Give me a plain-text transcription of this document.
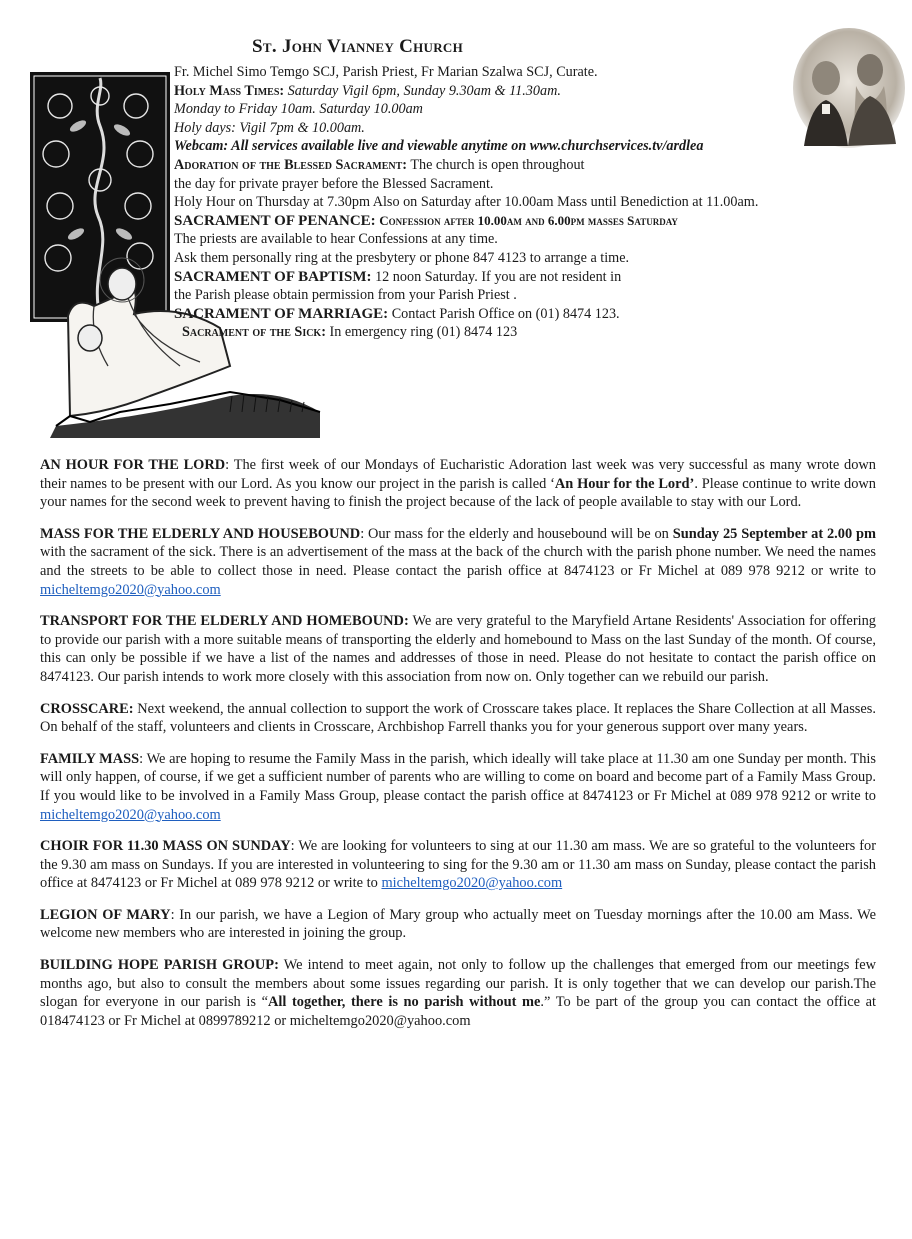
St. John Vianney Church
Fr. Michel Simo Temgo SCJ, Parish Priest, Fr Marian Szalwa SCJ, Curate.
Holy Mass Times: Saturday Vigil 6pm, Sunday 9.30am & 11.30am.
Monday to Friday 10am. Saturday 10.00am
Holy days: Vigil 7pm & 10.00am.
Webcam: All services available live and viewable anytime on www.churchservices.tv/ardlea
Adoration of the Blessed Sacrament: The church is open throughout
the day for private prayer before the Blessed Sacrament.
Holy Hour on Thursday at 7.30pm Also on Saturday after 10.00am Mass until Benediction at 11.00am.
SACRAMENT OF PENANCE: Confession after 10.00am and 6.00pm masses Saturday
The priests are available to hear Confessions at any time.
Ask them personally ring at the presbytery or phone 847 4123 to arrange a time.
SACRAMENT OF BAPTISM: 12 noon Saturday. If you are not resident in
the Parish please obtain permission from your Parish Priest .
SACRAMENT OF MARRIAGE: Contact Parish Office on (01) 8474 123.
Sacrament of the Sick: In emergency ring (01) 8474 123

AN HOUR FOR THE LORD: The first week of our Mondays of Eucharistic Adoration last week was very successful as many wrote down their names to be present with our Lord. As you know our project in the parish is called ‘An Hour for the Lord’. Please continue to write down your names for the second week to prevent having to finish the project because of the lack of people available to stay with our Lord.

MASS FOR THE ELDERLY AND HOUSEBOUND: Our mass for the elderly and housebound will be on Sunday 25 September at 2.00 pm with the sacrament of the sick. There is an advertisement of the mass at the back of the church with the parish phone number. We need the names and the streets to be able to collect those in need. Please contact the parish office at 8474123 or Fr Michel at 089 978 9212 or write to micheltemgo2020@yahoo.com

TRANSPORT FOR THE ELDERLY AND HOMEBOUND: We are very grateful to the Maryfield Artane Residents' Association for offering to provide our parish with a more suitable means of transporting the elderly and homebound to Mass on the last Sunday of the month. Of course, this can only be possible if we have a list of the names and addresses of those in need. Please do not hesitate to contact the parish office on 8474123. Our parish intends to work more closely with this association from now on. Only together can we rebuild our parish.

CROSSCARE: Next weekend, the annual collection to support the work of Crosscare takes place. It replaces the Share Collection at all Masses. On behalf of the staff, volunteers and clients in Crosscare, Archbishop Farrell thanks you for your generous support over many years.

FAMILY MASS: We are hoping to resume the Family Mass in the parish, which ideally will take place at 11.30 am one Sunday per month. This will only happen, of course, if we get a sufficient number of parents who are willing to come on board and become part of a Family Mass Group. If you would like to be involved in a Family Mass Group, please contact the parish office at 8474123 or Fr Michel at 089 978 9212 or write to micheltemgo2020@yahoo.com

CHOIR FOR 11.30 MASS ON SUNDAY: We are looking for volunteers to sing at our 11.30 am mass. We are so grateful to the volunteers for the 9.30 am mass on Sundays. If you are interested in volunteering to sing for the 9.30 am or 11.30 am mass on Sunday, please contact the parish office at 8474123 or Fr Michel at 089 978 9212 or write to micheltemgo2020@yahoo.com

LEGION OF MARY: In our parish, we have a Legion of Mary group who actually meet on Tuesday mornings after the 10.00 am Mass. We welcome new members who are interested in joining the group.

BUILDING HOPE PARISH GROUP: We intend to meet again, not only to follow up the challenges that emerged from our meetings few months ago, but also to consult the members about some issues regarding our parish. It is only together that we can develop our parish.The slogan for everyone in our parish is “All together, there is no parish without me.” To be part of the group you can contact the office at 018474123 or Fr Michel at 0899789212 or micheltemgo2020@yahoo.com
